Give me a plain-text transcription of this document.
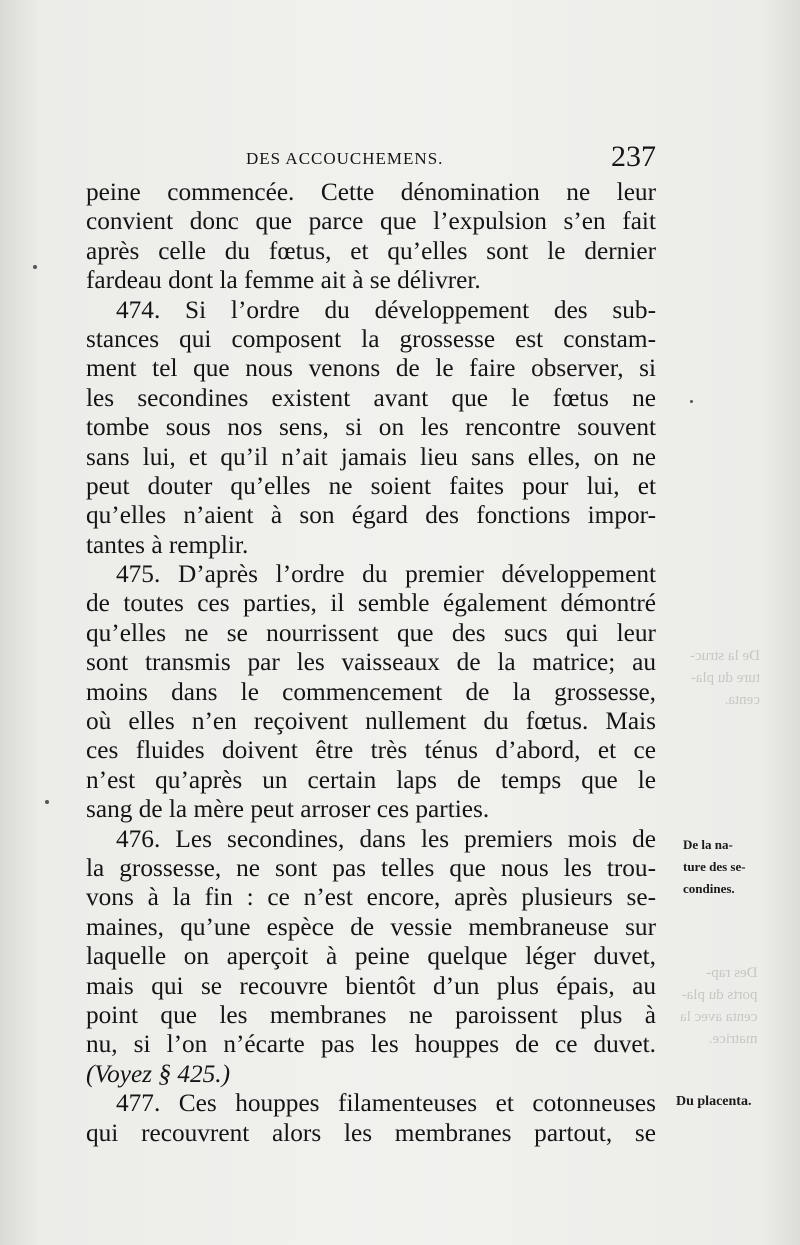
DES ACCOUCHEMENS.	237
De la struc-
ture du pla-
centa.
Des rap-
ports du pla-
centa avec la
matrice.
peine commencée. Cette dénomination ne leur
convient donc que parce que l’expulsion s’en fait
après celle du fœtus, et qu’elles sont le dernier
fardeau dont la femme ait à se délivrer.
474. Si l’ordre du développement des sub-
stances qui composent la grossesse est constam-
ment tel que nous venons de le faire observer, si
les secondines existent avant que le fœtus ne
tombe sous nos sens, si on les rencontre souvent
sans lui, et qu’il n’ait jamais lieu sans elles, on ne
peut douter qu’elles ne soient faites pour lui, et
qu’elles n’aient à son égard des fonctions impor-
tantes à remplir.
475. D’après l’ordre du premier développement
de toutes ces parties, il semble également démontré
qu’elles ne se nourrissent que des sucs qui leur
sont transmis par les vaisseaux de la matrice; au
moins dans le commencement de la grossesse,
où elles n’en reçoivent nullement du fœtus. Mais
ces fluides doivent être très ténus d’abord, et ce
n’est qu’après un certain laps de temps que le
sang de la mère peut arroser ces parties.
476. Les secondines, dans les premiers mois de
la grossesse, ne sont pas telles que nous les trou-
vons à la fin : ce n’est encore, après plusieurs se-
maines, qu’une espèce de vessie membraneuse sur
laquelle on aperçoit à peine quelque léger duvet,
mais qui se recouvre bientôt d’un plus épais, au
point que les membranes ne paroissent plus à
nu, si l’on n’écarte pas les houppes de ce duvet.
(Voyez § 425.)
477. Ces houppes filamenteuses et cotonneuses
qui recouvrent alors les membranes partout, se
De la na-
ture des se-
condines.
Du placenta.
